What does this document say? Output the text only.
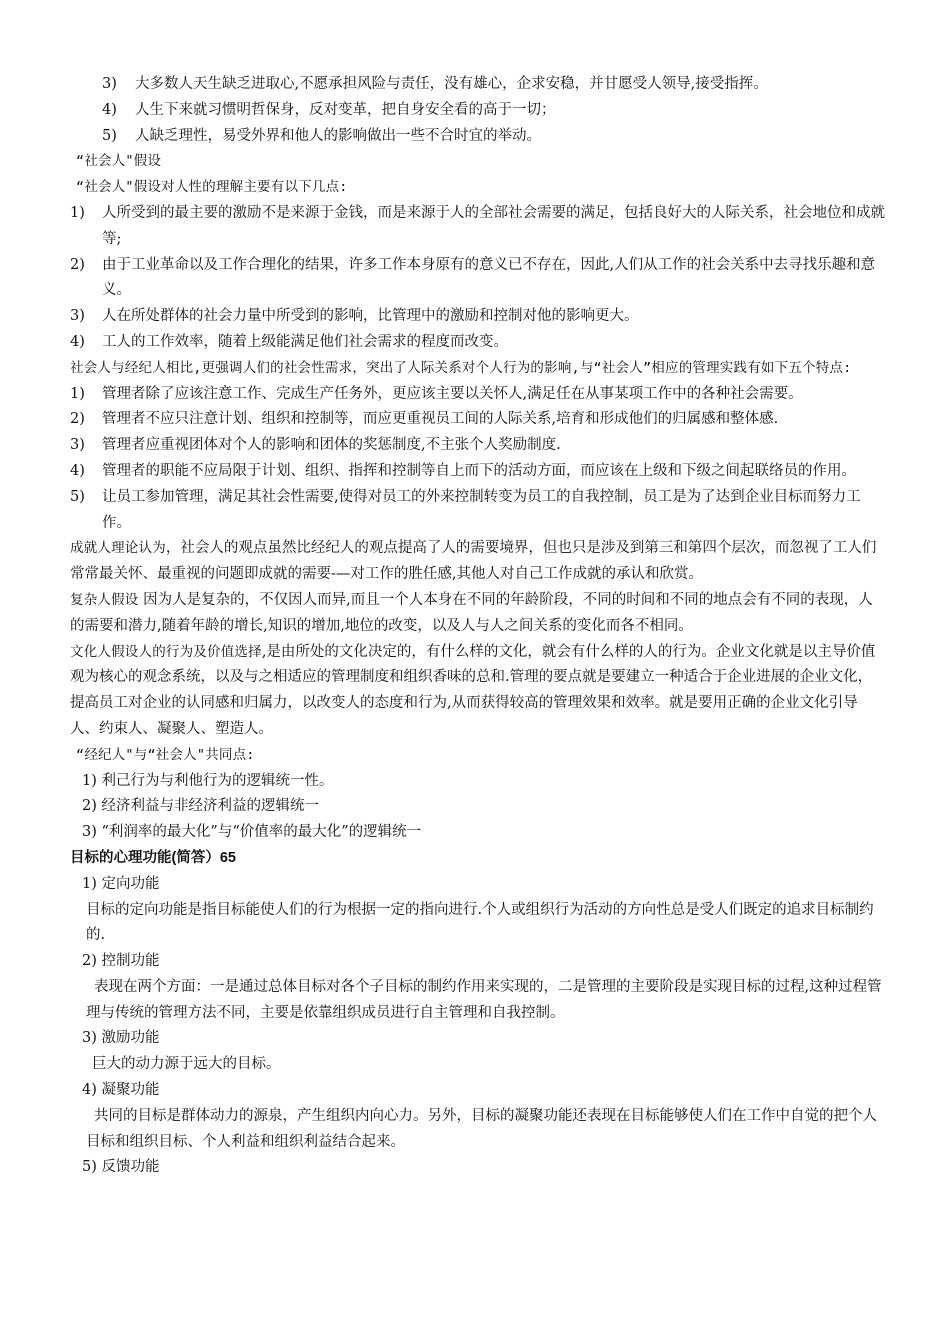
3) 大多数人天生缺乏进取心,不愿承担风险与责任，没有雄心，企求安稳，并甘愿受人领导,接受指挥。

4) 人生下来就习惯明哲保身，反对变革，把自身安全看的高于一切；

5) 人缺乏理性，易受外界和他人的影响做出一些不合时宜的举动。

“社会人"假设

“社会人"假设对人性的理解主要有以下几点:

1) 人所受到的最主要的激励不是来源于金钱，而是来源于人的全部社会需要的满足，包括良好大的人际关系，社会地位和成就等;

2) 由于工业革命以及工作合理化的结果，许多工作本身原有的意义已不存在，因此,人们从工作的社会关系中去寻找乐趣和意义。

3) 人在所处群体的社会力量中所受到的影响，比管理中的激励和控制对他的影响更大。

4) 工人的工作效率，随着上级能满足他们社会需求的程度而改变。

社会人与经纪人相比,更强调人们的社会性需求，突出了人际关系对个人行为的影响,与“社会人”相应的管理实践有如下五个特点:

1) 管理者除了应该注意工作、完成生产任务外，更应该主要以关怀人,满足任在从事某项工作中的各种社会需要。

2) 管理者不应只注意计划、组织和控制等，而应更重视员工间的人际关系,培育和形成他们的归属感和整体感.

3) 管理者应重视团体对个人的影响和团体的奖惩制度,不主张个人奖励制度.

4) 管理者的职能不应局限于计划、组织、指挥和控制等自上而下的活动方面，而应该在上级和下级之间起联络员的作用。

5) 让员工参加管理，满足其社会性需要,使得对员工的外来控制转变为员工的自我控制，员工是为了达到企业目标而努力工作。

成就人理论认为，社会人的观点虽然比经纪人的观点提高了人的需要境界，但也只是涉及到第三和第四个层次，而忽视了工人们常常最关怀、最重视的问题即成就的需要-—对工作的胜任感,其他人对自己工作成就的承认和欣赏。

复杂人假设 因为人是复杂的，不仅因人而异,而且一个人本身在不同的年龄阶段，不同的时间和不同的地点会有不同的表现，人的需要和潜力,随着年龄的增长,知识的增加,地位的改变，以及人与人之间关系的变化而各不相同。

文化人假设人的行为及价值选择,是由所处的文化决定的，有什么样的文化，就会有什么样的人的行为。企业文化就是以主导价值观为核心的观念系统，以及与之相适应的管理制度和组织香味的总和.管理的要点就是要建立一种适合于企业进展的企业文化，提高员工对企业的认同感和归属力，以改变人的态度和行为,从而获得较高的管理效果和效率。就是要用正确的企业文化引导人、约束人、凝聚人、塑造人。

“经纪人"与“社会人"共同点:

1) 利己行为与利他行为的逻辑统一性。

2) 经济利益与非经济利益的逻辑统一

3) “利润率的最大化”与“价值率的最大化”的逻辑统一

目标的心理功能(简答）65

1) 定向功能

目标的定向功能是指目标能使人们的行为根据一定的指向进行.个人或组织行为活动的方向性总是受人们既定的追求目标制约的.

2) 控制功能

表现在两个方面：一是通过总体目标对各个子目标的制约作用来实现的，二是管理的主要阶段是实现目标的过程,这种过程管理与传统的管理方法不同，主要是依靠组织成员进行自主管理和自我控制。

3) 激励功能

巨大的动力源于远大的目标。

4) 凝聚功能

共同的目标是群体动力的源泉，产生组织内向心力。另外，目标的凝聚功能还表现在目标能够使人们在工作中自觉的把个人目标和组织目标、个人利益和组织利益结合起来。

5) 反馈功能
